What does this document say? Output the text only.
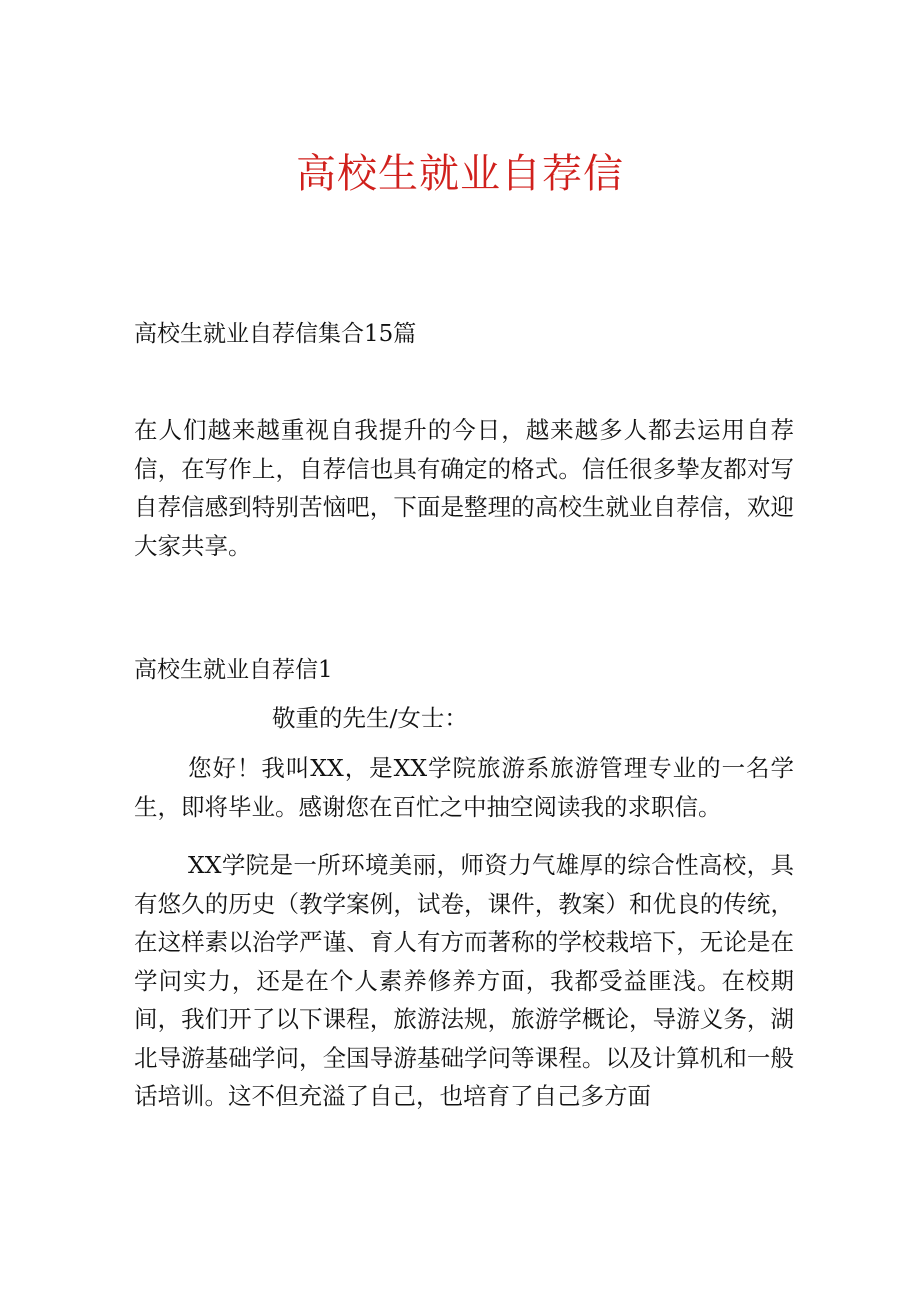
高校生就业自荐信

高校生就业自荐信集合15篇

在人们越来越重视自我提升的今日，越来越多人都去运用自荐信，在写作上，自荐信也具有确定的格式。信任很多挚友都对写自荐信感到特别苦恼吧，下面是整理的高校生就业自荐信，欢迎大家共享。

高校生就业自荐信1

敬重的先生/女士：

您好！我叫XX，是XX学院旅游系旅游管理专业的一名学生，即将毕业。感谢您在百忙之中抽空阅读我的求职信。

XX学院是一所环境美丽，师资力气雄厚的综合性高校，具有悠久的历史（教学案例，试卷，课件，教案）和优良的传统，在这样素以治学严谨、育人有方而著称的学校栽培下，无论是在学问实力，还是在个人素养修养方面，我都受益匪浅。在校期间，我们开了以下课程，旅游法规，旅游学概论，导游义务，湖北导游基础学问，全国导游基础学问等课程。以及计算机和一般话培训。这不但充溢了自己，也培育了自己多方面
